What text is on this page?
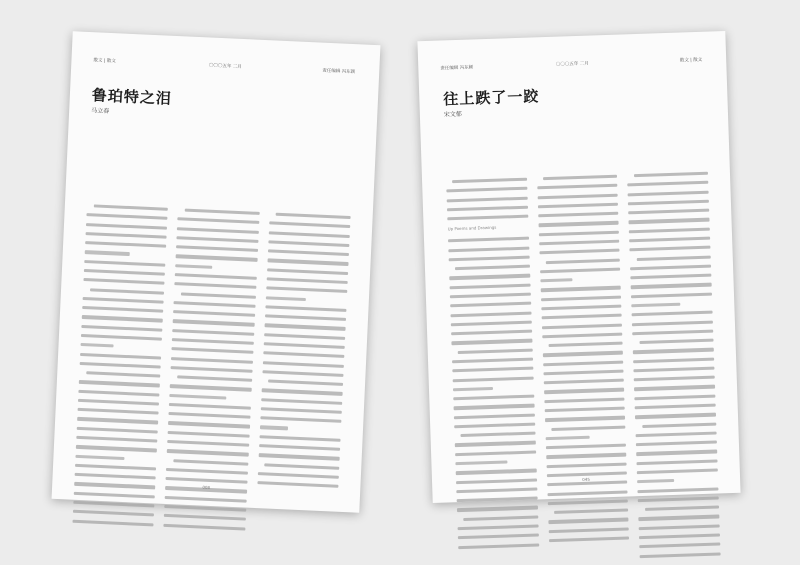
散文 | 散文
〇〇〇五年 二月
责任编辑 冯东颖
鲁珀特之泪
马立春
008
责任编辑 冯东颖
〇〇〇五年 二月
散文 | 散文
往上跌了一跤
宋文郁
Up Poems and Drawings
045
